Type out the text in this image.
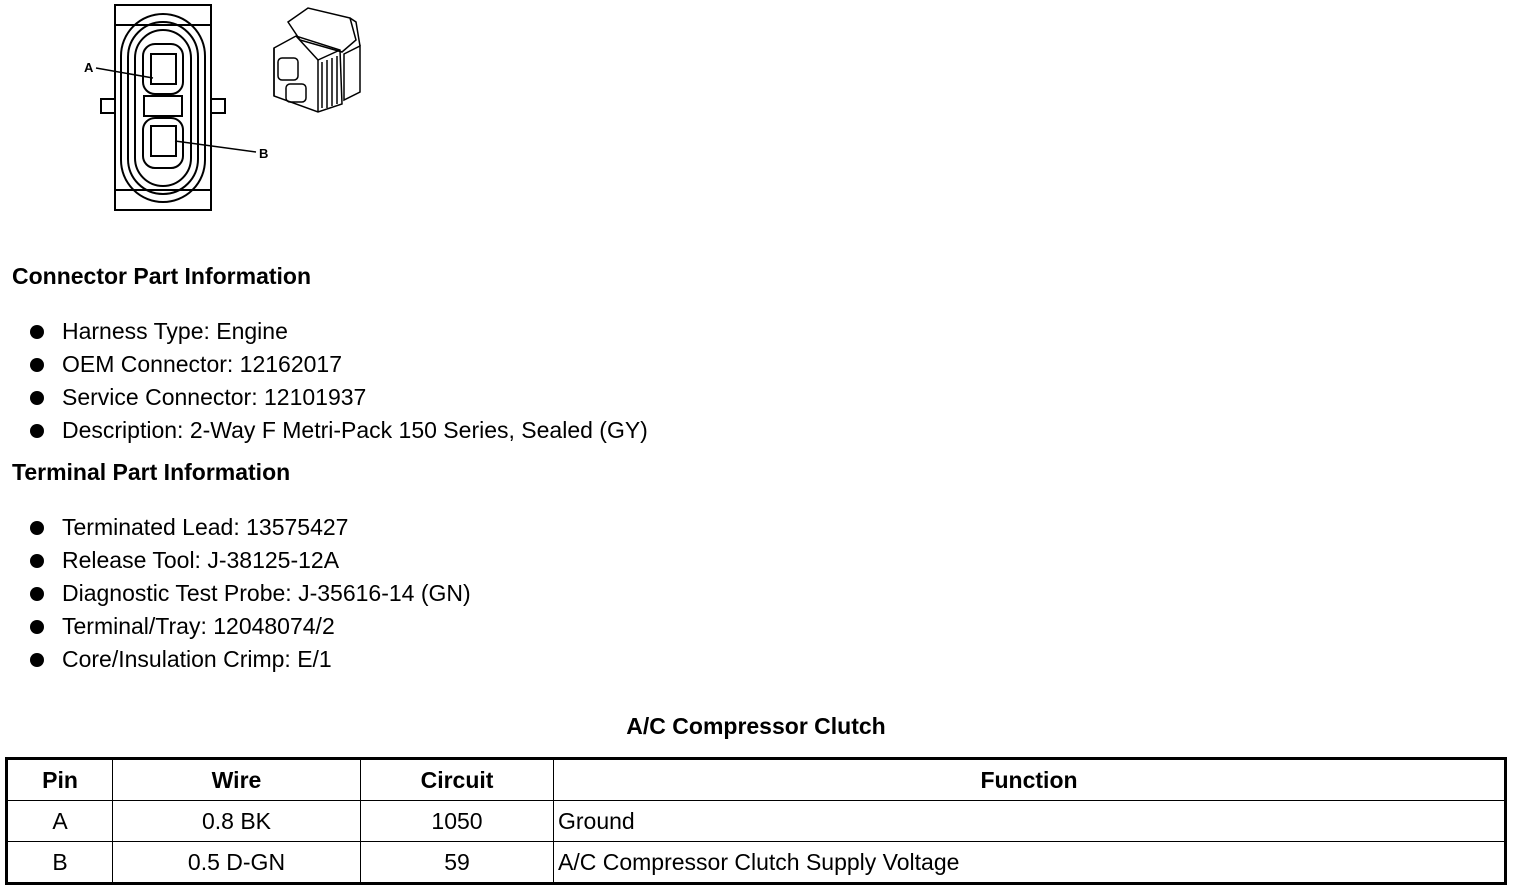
A
B
Connector Part Information
Harness Type: Engine
OEM Connector: 12162017
Service Connector: 12101937
Description: 2-Way F Metri-Pack 150 Series, Sealed (GY)
Terminal Part Information
Terminated Lead: 13575427
Release Tool: J-38125-12A
Diagnostic Test Probe: J-35616-14 (GN)
Terminal/Tray: 12048074/2
Core/Insulation Crimp: E/1
A/C Compressor Clutch
Pin	Wire	Circuit	Function
A	0.8 BK	1050	Ground
B	0.5 D-GN	59	A/C Compressor Clutch Supply Voltage
